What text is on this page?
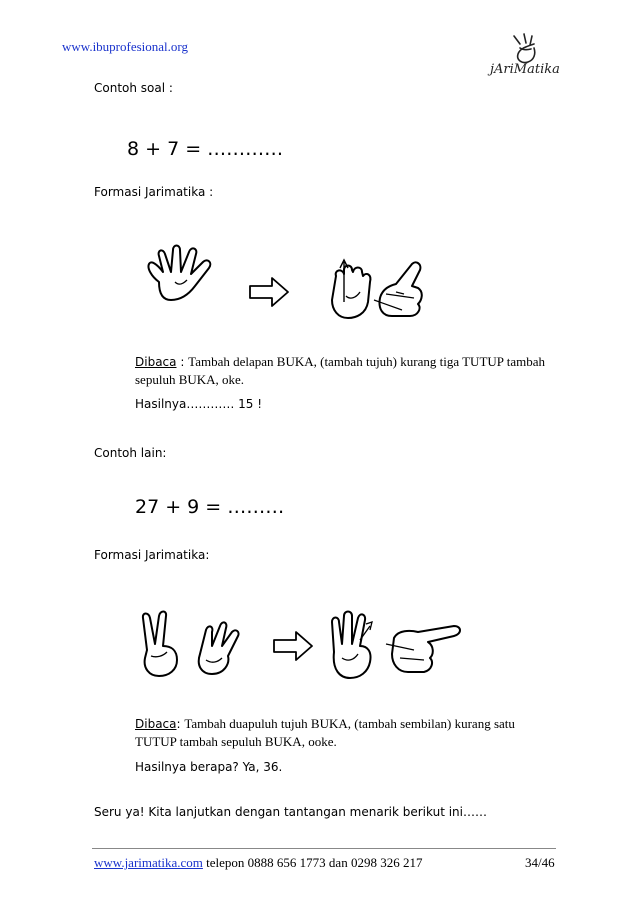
www.ibuprofesional.org
jAriMatika
Contoh soal :
8 + 7 = …………
Formasi Jarimatika :
Dibaca : Tambah delapan BUKA, (tambah tujuh) kurang tiga TUTUP tambah
sepuluh BUKA, oke.
Hasilnya………… 15 !
Contoh lain:
27 + 9 = ………
Formasi Jarimatika:
Dibaca: Tambah duapuluh tujuh BUKA, (tambah sembilan) kurang satu
TUTUP tambah sepuluh BUKA, ooke.
Hasilnya berapa? Ya, 36.
Seru ya! Kita lanjutkan dengan tantangan menarik berikut ini……
www.jarimatika.com telepon 0888 656 1773 dan 0298 326 217	34/46
